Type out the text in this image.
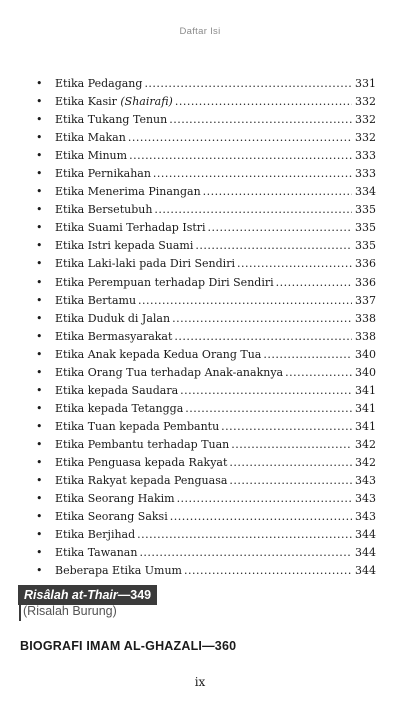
Daftar Isi
•	Etika Pedagang .....	331
•	Etika Kasir (Shairafi) .....	332
•	Etika Tukang Tenun .....	332
•	Etika Makan .....	332
•	Etika Minum .....	333
•	Etika Pernikahan .....	333
•	Etika Menerima Pinangan .....	334
•	Etika Bersetubuh .....	335
•	Etika Suami Terhadap Istri .....	335
•	Etika Istri kepada Suami .....	335
•	Etika Laki-laki pada Diri Sendiri .....	336
•	Etika Perempuan terhadap Diri Sendiri .....	336
•	Etika Bertamu .....	337
•	Etika Duduk di Jalan .....	338
•	Etika Bermasyarakat .....	338
•	Etika Anak kepada Kedua Orang Tua .....	340
•	Etika Orang Tua terhadap Anak-anaknya .....	340
•	Etika kepada Saudara .....	341
•	Etika kepada Tetangga .....	341
•	Etika Tuan kepada Pembantu .....	341
•	Etika Pembantu terhadap Tuan .....	342
•	Etika Penguasa kepada Rakyat .....	342
•	Etika Rakyat kepada Penguasa .....	343
•	Etika Seorang Hakim .....	343
•	Etika Seorang Saksi .....	343
•	Etika Berjihad .....	344
•	Etika Tawanan .....	344
•	Beberapa Etika Umum .....	344
Risâlah at-Thair —349
(Risalah Burung)
BIOGRAFI IMAM AL-GHAZALI—360
ix
